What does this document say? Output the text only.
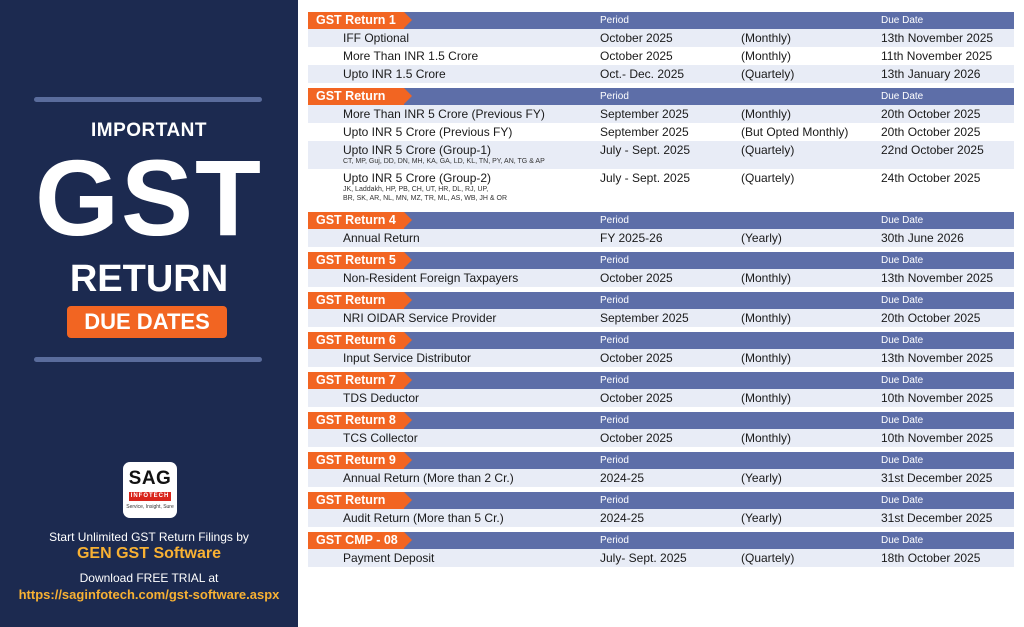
IMPORTANT
GST
RETURN
DUE DATES
SAG
INFOTECH
Service, Insight, Sure
Start Unlimited GST Return Filings by
GEN GST Software
Download FREE TRIAL at
https://saginfotech.com/gst-software.aspx
GST Return 1	Period	Due Date
IFF Optional	October 2025	(Monthly)	13th November 2025
More Than INR 1.5 Crore	October 2025	(Monthly)	11th November 2025
Upto INR 1.5 Crore	Oct.- Dec. 2025	(Quartely)	13th January 2026
GST Return	Period	Due Date
More Than INR 5 Crore (Previous FY)	September 2025	(Monthly)	20th October 2025
Upto INR 5 Crore (Previous FY)	September 2025	(But Opted Monthly)	20th October 2025
Upto INR 5 Crore (Group-1)	July - Sept. 2025	(Quartely)	22nd October 2025
CT, MP, Guj, DD, DN, MH, KA, GA, LD, KL, TN, PY, AN, TG & AP
Upto INR 5 Crore (Group-2)	July - Sept. 2025	(Quartely)	24th October 2025
JK, Laddakh, HP, PB, CH, UT, HR, DL, RJ, UP,
BR, SK, AR, NL, MN, MZ, TR, ML, AS, WB, JH & OR
GST Return 4	Period	Due Date
Annual Return	FY 2025-26	(Yearly)	30th June 2026
GST Return 5	Period	Due Date
Non-Resident Foreign Taxpayers	October 2025	(Monthly)	13th November 2025
GST Return	Period	Due Date
NRI OIDAR Service Provider	September 2025	(Monthly)	20th October 2025
GST Return 6	Period	Due Date
Input Service Distributor	October 2025	(Monthly)	13th November 2025
GST Return 7	Period	Due Date
TDS Deductor	October 2025	(Monthly)	10th November 2025
GST Return 8	Period	Due Date
TCS Collector	October 2025	(Monthly)	10th November 2025
GST Return 9	Period	Due Date
Annual Return (More than 2 Cr.)	2024-25	(Yearly)	31st December 2025
GST Return	Period	Due Date
Audit Return (More than 5 Cr.)	2024-25	(Yearly)	31st December 2025
GST CMP - 08	Period	Due Date
Payment Deposit	July- Sept. 2025	(Quartely)	18th October 2025
